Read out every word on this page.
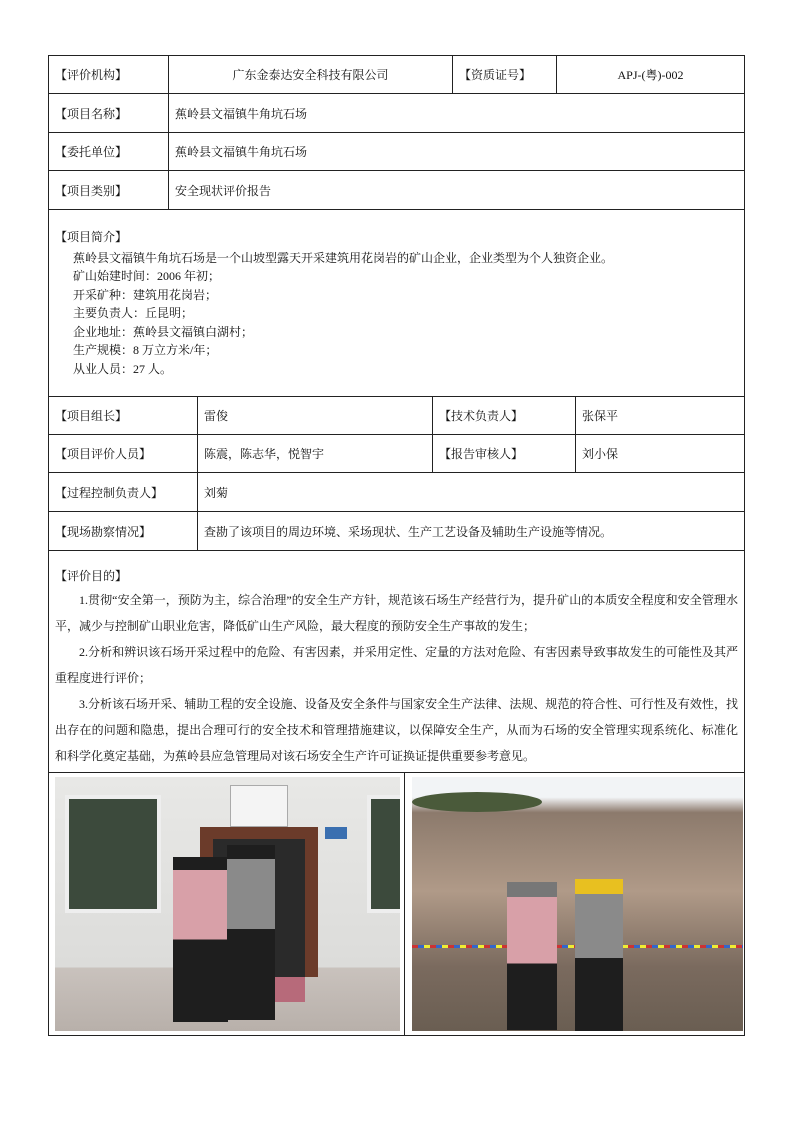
【评价机构】	广东金泰达安全科技有限公司	【资质证号】	APJ-(粤)-002
【项目名称】	蕉岭县文福镇牛角坑石场
【委托单位】	蕉岭县文福镇牛角坑石场
【项目类别】	安全现状评价报告

【项目简介】

蕉岭县文福镇牛角坑石场是一个山坡型露天开采建筑用花岗岩的矿山企业，企业类型为个人独资企业。

矿山始建时间：2006 年初；

开采矿种：建筑用花岗岩；

主要负责人：丘昆明；

企业地址：蕉岭县文福镇白湖村；

生产规模：8 万立方米/年；

从业人员：27 人。

【项目组长】	雷俊	【技术负责人】	张保平
【项目评价人员】	陈震，陈志华，悦智宇	【报告审核人】	刘小保
【过程控制负责人】	刘菊
【现场勘察情况】	查勘了该项目的周边环境、采场现状、生产工艺设备及辅助生产设施等情况。

【评价目的】

1.贯彻“安全第一，预防为主，综合治理”的安全生产方针，规范该石场生产经营行为，提升矿山的本质安全程度和安全管理水平，减少与控制矿山职业危害，降低矿山生产风险，最大程度的预防安全生产事故的发生；

2.分析和辨识该石场开采过程中的危险、有害因素，并采用定性、定量的方法对危险、有害因素导致事故发生的可能性及其严重程度进行评价；

3.分析该石场开采、辅助工程的安全设施、设备及安全条件与国家安全生产法律、法规、规范的符合性、可行性及有效性，找出存在的问题和隐患，提出合理可行的安全技术和管理措施建议，以保障安全生产，从而为石场的安全管理实现系统化、标准化和科学化奠定基础，为蕉岭县应急管理局对该石场安全生产许可证换证提供重要参考意见。
